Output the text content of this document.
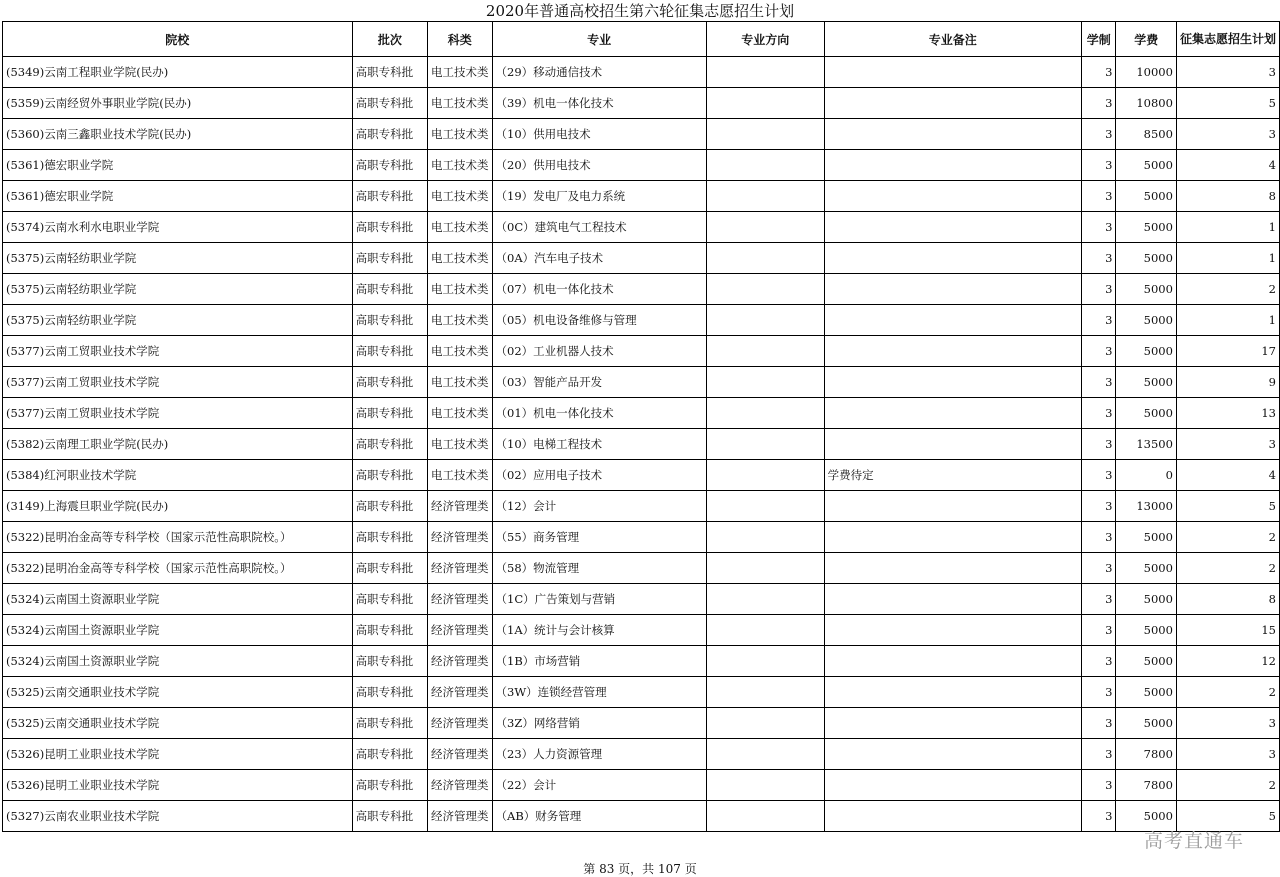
2020年普通高校招生第六轮征集志愿招生计划
院校	批次	科类	专业	专业方向	专业备注	学制	学费	征集志愿招生计划
(5349)云南工程职业学院(民办)	高职专科批	电工技术类	（29）移动通信技术			3	10000	3
(5359)云南经贸外事职业学院(民办)	高职专科批	电工技术类	（39）机电一体化技术			3	10800	5
(5360)云南三鑫职业技术学院(民办)	高职专科批	电工技术类	（10）供用电技术			3	8500	3
(5361)德宏职业学院	高职专科批	电工技术类	（20）供用电技术			3	5000	4
(5361)德宏职业学院	高职专科批	电工技术类	（19）发电厂及电力系统			3	5000	8
(5374)云南水利水电职业学院	高职专科批	电工技术类	（0C）建筑电气工程技术			3	5000	1
(5375)云南轻纺职业学院	高职专科批	电工技术类	（0A）汽车电子技术			3	5000	1
(5375)云南轻纺职业学院	高职专科批	电工技术类	（07）机电一体化技术			3	5000	2
(5375)云南轻纺职业学院	高职专科批	电工技术类	（05）机电设备维修与管理			3	5000	1
(5377)云南工贸职业技术学院	高职专科批	电工技术类	（02）工业机器人技术			3	5000	17
(5377)云南工贸职业技术学院	高职专科批	电工技术类	（03）智能产品开发			3	5000	9
(5377)云南工贸职业技术学院	高职专科批	电工技术类	（01）机电一体化技术			3	5000	13
(5382)云南理工职业学院(民办)	高职专科批	电工技术类	（10）电梯工程技术			3	13500	3
(5384)红河职业技术学院	高职专科批	电工技术类	（02）应用电子技术		学费待定	3	0	4
(3149)上海震旦职业学院(民办)	高职专科批	经济管理类	（12）会计			3	13000	5
(5322)昆明冶金高等专科学校（国家示范性高职院校。）	高职专科批	经济管理类	（55）商务管理			3	5000	2
(5322)昆明冶金高等专科学校（国家示范性高职院校。）	高职专科批	经济管理类	（58）物流管理			3	5000	2
(5324)云南国土资源职业学院	高职专科批	经济管理类	（1C）广告策划与营销			3	5000	8
(5324)云南国土资源职业学院	高职专科批	经济管理类	（1A）统计与会计核算			3	5000	15
(5324)云南国土资源职业学院	高职专科批	经济管理类	（1B）市场营销			3	5000	12
(5325)云南交通职业技术学院	高职专科批	经济管理类	（3W）连锁经营管理			3	5000	2
(5325)云南交通职业技术学院	高职专科批	经济管理类	（3Z）网络营销			3	5000	3
(5326)昆明工业职业技术学院	高职专科批	经济管理类	（23）人力资源管理			3	7800	3
(5326)昆明工业职业技术学院	高职专科批	经济管理类	（22）会计			3	7800	2
(5327)云南农业职业技术学院	高职专科批	经济管理类	（AB）财务管理			3	5000	5
高考直通车
第 83 页，共 107 页
